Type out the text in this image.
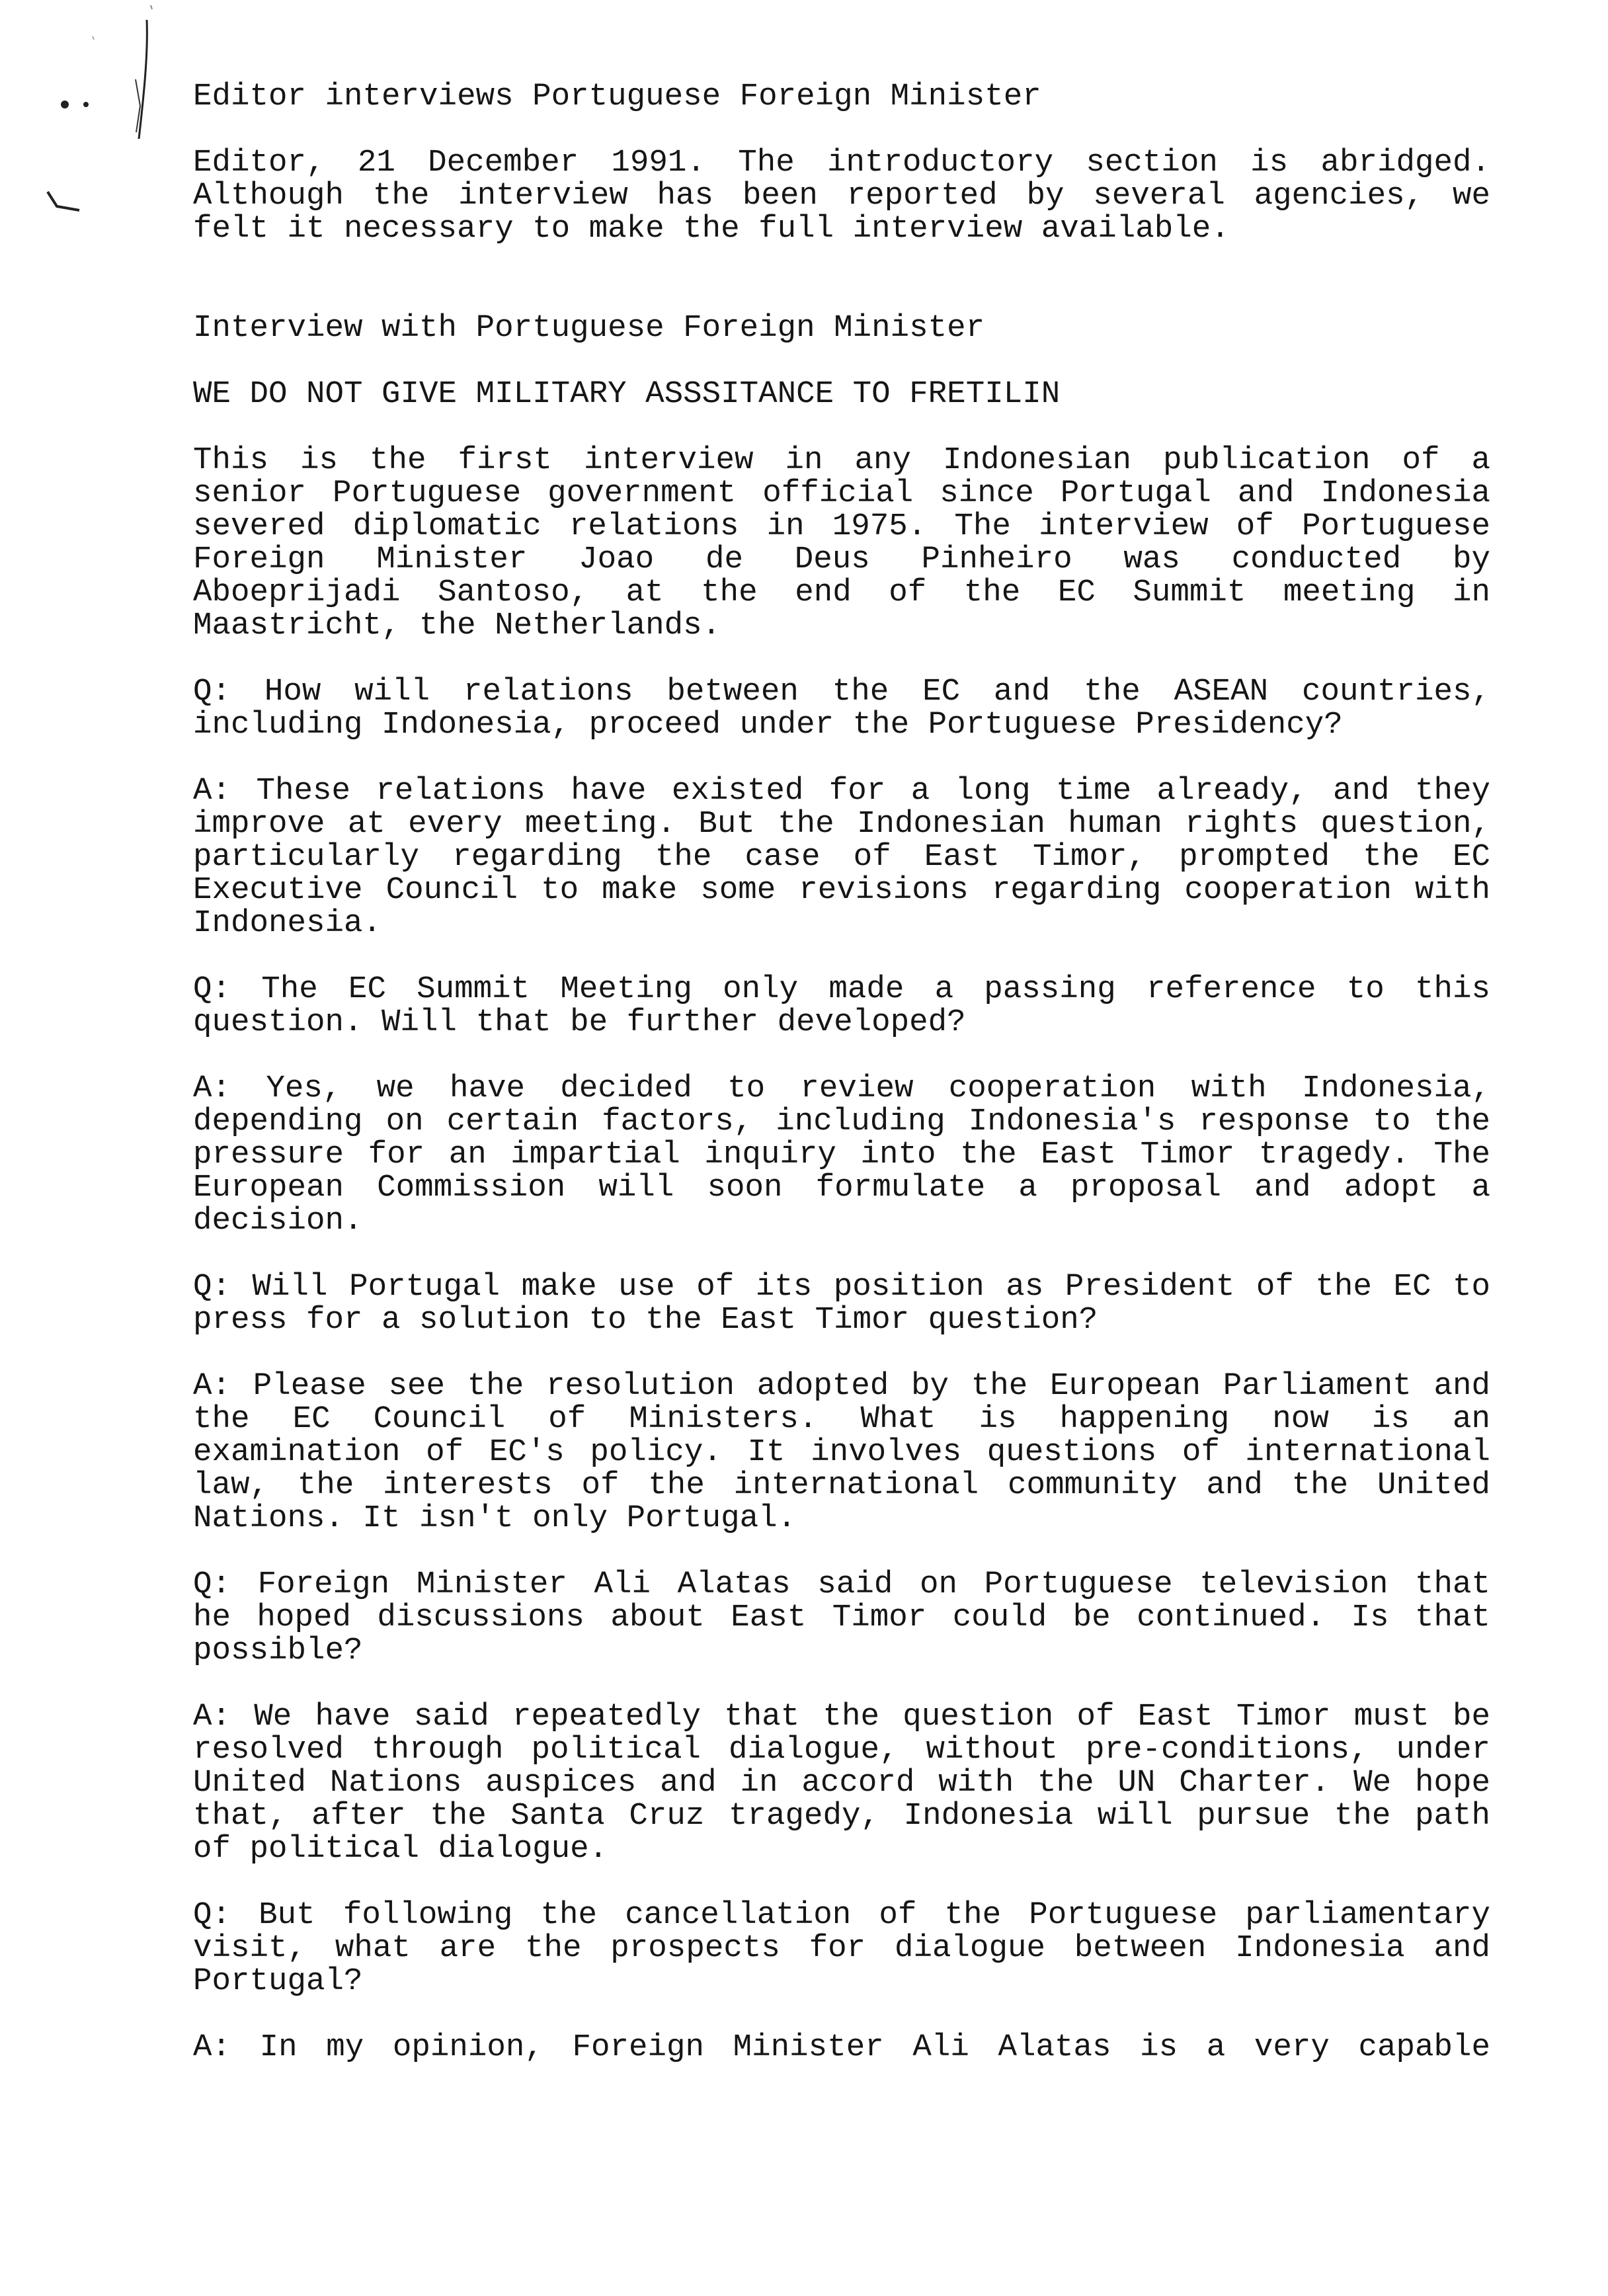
Editor interviews Portuguese Foreign Minister
Editor, 21 December 1991. The introductory section is abridged.
Although the interview has been reported by several agencies, we
felt it necessary to make the full interview available.
Interview with Portuguese Foreign Minister
WE DO NOT GIVE MILITARY ASSSITANCE TO FRETILIN
This is the first interview in any Indonesian publication of a
senior Portuguese government official since Portugal and Indonesia
severed diplomatic relations in 1975. The interview of Portuguese
Foreign Minister Joao de Deus Pinheiro was conducted by
Aboeprijadi Santoso, at the end of the EC Summit meeting in
Maastricht, the Netherlands.
Q: How will relations between the EC and the ASEAN countries,
including Indonesia, proceed under the Portuguese Presidency?
A: These relations have existed for a long time already, and they
improve at every meeting. But the Indonesian human rights question,
particularly regarding the case of East Timor, prompted the EC
Executive Council to make some revisions regarding cooperation with
Indonesia.
Q: The EC Summit Meeting only made a passing reference to this
question. Will that be further developed?
A: Yes, we have decided to review cooperation with Indonesia,
depending on certain factors, including Indonesia's response to the
pressure for an impartial inquiry into the East Timor tragedy. The
European Commission will soon formulate a proposal and adopt a
decision.
Q: Will Portugal make use of its position as President of the EC to
press for a solution to the East Timor question?
A: Please see the resolution adopted by the European Parliament and
the EC Council of Ministers. What is happening now is an
examination of EC's policy. It involves questions of international
law, the interests of the international community and the United
Nations. It isn't only Portugal.
Q: Foreign Minister Ali Alatas said on Portuguese television that
he hoped discussions about East Timor could be continued. Is that
possible?
A: We have said repeatedly that the question of East Timor must be
resolved through political dialogue, without pre-conditions, under
United Nations auspices and in accord with the UN Charter. We hope
that, after the Santa Cruz tragedy, Indonesia will pursue the path
of political dialogue.
Q: But following the cancellation of the Portuguese parliamentary
visit, what are the prospects for dialogue between Indonesia and
Portugal?
A: In my opinion, Foreign Minister Ali Alatas is a very capable
